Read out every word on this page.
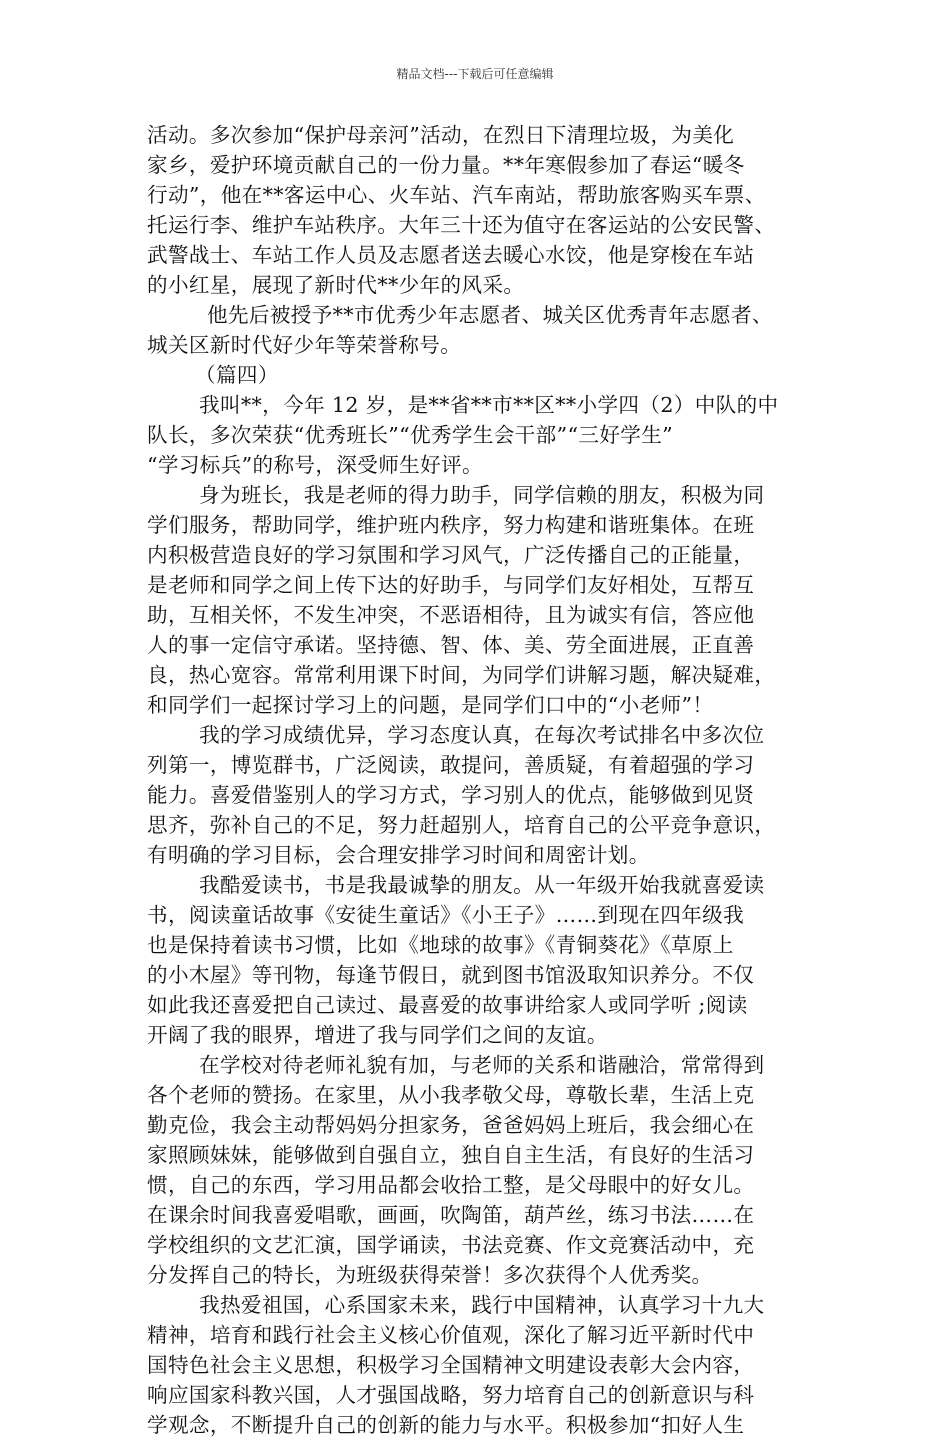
精品文档---下载后可任意编辑
活动。多次参加“保护母亲河”活动，在烈日下清理垃圾，为美化
家乡，爱护环境贡献自己的一份力量。**年寒假参加了春运“暖冬
行动”，他在**客运中心、火车站、汽车南站，帮助旅客购买车票、
托运行李、维护车站秩序。大年三十还为值守在客运站的公安民警、
武警战士、车站工作人员及志愿者送去暖心水饺，他是穿梭在车站
的小红星，展现了新时代**少年的风采。
他先后被授予**市优秀少年志愿者、城关区优秀青年志愿者、
城关区新时代好少年等荣誉称号。
（篇四）
我叫**，今年 12 岁，是**省**市**区**小学四（2）中队的中
队长，多次荣获“优秀班长”“优秀学生会干部”“三好学生”
“学习标兵”的称号，深受师生好评。
身为班长，我是老师的得力助手，同学信赖的朋友，积极为同
学们服务，帮助同学，维护班内秩序，努力构建和谐班集体。在班
内积极营造良好的学习氛围和学习风气，广泛传播自己的正能量，
是老师和同学之间上传下达的好助手，与同学们友好相处，互帮互
助，互相关怀，不发生冲突，不恶语相待，且为诚实有信，答应他
人的事一定信守承诺。坚持德、智、体、美、劳全面进展，正直善
良，热心宽容。常常利用课下时间，为同学们讲解习题，解决疑难，
和同学们一起探讨学习上的问题，是同学们口中的“小老师”！
我的学习成绩优异，学习态度认真，在每次考试排名中多次位
列第一，博览群书，广泛阅读，敢提问，善质疑，有着超强的学习
能力。喜爱借鉴别人的学习方式，学习别人的优点，能够做到见贤
思齐，弥补自己的不足，努力赶超别人，培育自己的公平竞争意识，
有明确的学习目标，会合理安排学习时间和周密计划。
我酷爱读书，书是我最诚挚的朋友。从一年级开始我就喜爱读
书，阅读童话故事《安徒生童话》《小王子》……到现在四年级我
也是保持着读书习惯，比如《地球的故事》《青铜葵花》《草原上
的小木屋》等刊物，每逢节假日，就到图书馆汲取知识养分。不仅
如此我还喜爱把自己读过、最喜爱的故事讲给家人或同学听 ;阅读
开阔了我的眼界，增进了我与同学们之间的友谊。
在学校对待老师礼貌有加，与老师的关系和谐融洽，常常得到
各个老师的赞扬。在家里，从小我孝敬父母，尊敬长辈，生活上克
勤克俭，我会主动帮妈妈分担家务，爸爸妈妈上班后，我会细心在
家照顾妹妹，能够做到自强自立，独自自主生活，有良好的生活习
惯，自己的东西，学习用品都会收拾工整，是父母眼中的好女儿。
在课余时间我喜爱唱歌，画画，吹陶笛，葫芦丝，练习书法……在
学校组织的文艺汇演，国学诵读，书法竞赛、作文竞赛活动中，充
分发挥自己的特长，为班级获得荣誉！多次获得个人优秀奖。
我热爱祖国，心系国家未来，践行中国精神，认真学习十九大
精神，培育和践行社会主义核心价值观，深化了解习近平新时代中
国特色社会主义思想，积极学习全国精神文明建设表彰大会内容，
响应国家科教兴国，人才强国战略，努力培育自己的创新意识与科
学观念，不断提升自己的创新的能力与水平。积极参加“扣好人生
